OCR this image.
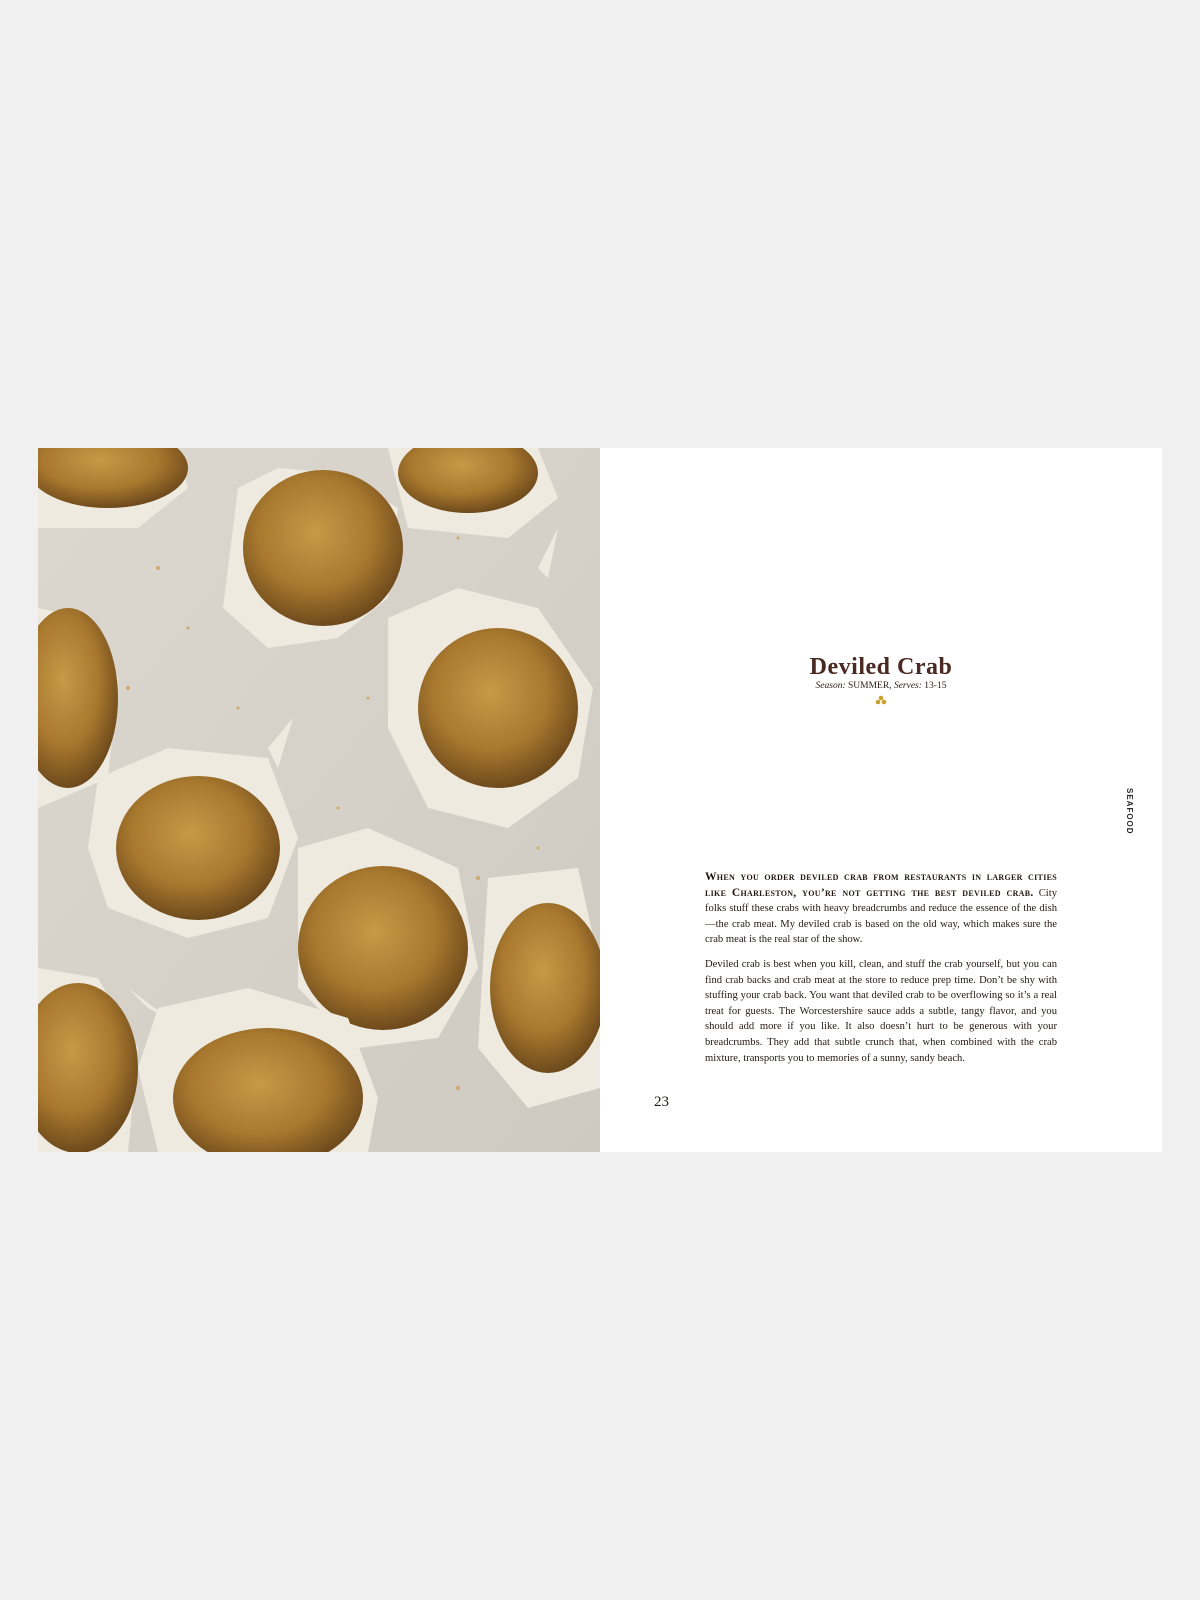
Deviled Crab
Season: SUMMER, Serves: 13-15
SEAFOOD

When you order deviled crab from restaurants in larger cities like Charleston, you’re not getting the best deviled crab. City folks stuff these crabs with heavy breadcrumbs and reduce the essence of the dish—the crab meat. My deviled crab is based on the old way, which makes sure the crab meat is the real star of the show.

Deviled crab is best when you kill, clean, and stuff the crab yourself, but you can find crab backs and crab meat at the store to reduce prep time. Don’t be shy with stuffing your crab back. You want that deviled crab to be overflowing so it’s a real treat for guests. The Worcestershire sauce adds a subtle, tangy flavor, and you should add more if you like. It also doesn’t hurt to be generous with your breadcrumbs. They add that subtle crunch that, when combined with the crab mixture, transports you to memories of a sunny, sandy beach.

23
